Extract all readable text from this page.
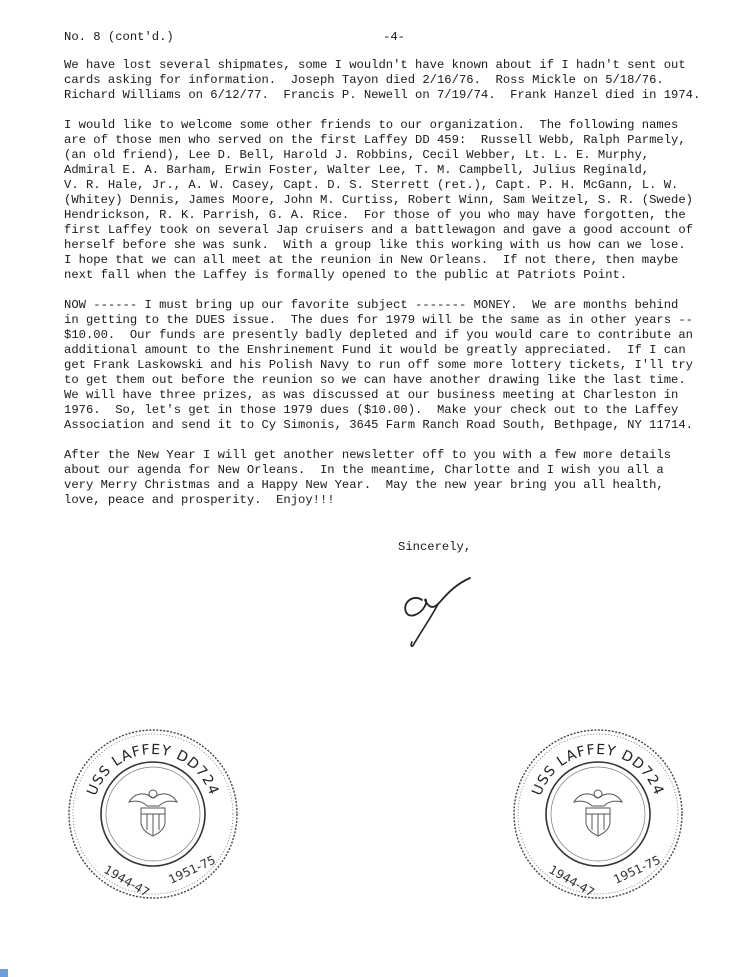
No. 8 (cont'd.)	-4-
We have lost several shipmates, some I wouldn't have known about if I hadn't sent out
cards asking for information.  Joseph Tayon died 2/16/76.  Ross Mickle on 5/18/76.
Richard Williams on 6/12/77.  Francis P. Newell on 7/19/74.  Frank Hanzel died in 1974.
I would like to welcome some other friends to our organization.  The following names
are of those men who served on the first Laffey DD 459:  Russell Webb, Ralph Parmely,
(an old friend), Lee D. Bell, Harold J. Robbins, Cecil Webber, Lt. L. E. Murphy,
Admiral E. A. Barham, Erwin Foster, Walter Lee, T. M. Campbell, Julius Reginald,
V. R. Hale, Jr., A. W. Casey, Capt. D. S. Sterrett (ret.), Capt. P. H. McGann, L. W.
(Whitey) Dennis, James Moore, John M. Curtiss, Robert Winn, Sam Weitzel, S. R. (Swede)
Hendrickson, R. K. Parrish, G. A. Rice.  For those of you who may have forgotten, the
first Laffey took on several Jap cruisers and a battlewagon and gave a good account of
herself before she was sunk.  With a group like this working with us how can we lose.
I hope that we can all meet at the reunion in New Orleans.  If not there, then maybe
next fall when the Laffey is formally opened to the public at Patriots Point.
NOW ------ I must bring up our favorite subject ------- MONEY.  We are months behind
in getting to the DUES issue.  The dues for 1979 will be the same as in other years --
$10.00.  Our funds are presently badly depleted and if you would care to contribute an
additional amount to the Enshrinement Fund it would be greatly appreciated.  If I can
get Frank Laskowski and his Polish Navy to run off some more lottery tickets, I'll try
to get them out before the reunion so we can have another drawing like the last time.
We will have three prizes, as was discussed at our business meeting at Charleston in
1976.  So, let's get in those 1979 dues ($10.00).  Make your check out to the Laffey
Association and send it to Cy Simonis, 3645 Farm Ranch Road South, Bethpage, NY 11714.
After the New Year I will get another newsletter off to you with a few more details
about our agenda for New Orleans.  In the meantime, Charlotte and I wish you all a
very Merry Christmas and a Happy New Year.  May the new year bring you all health,
love, peace and prosperity.  Enjoy!!!
Sincerely,
USS LAFFEY DD724
1944-47 1951-75
USS LAFFEY DD724
1944-47 1951-75
